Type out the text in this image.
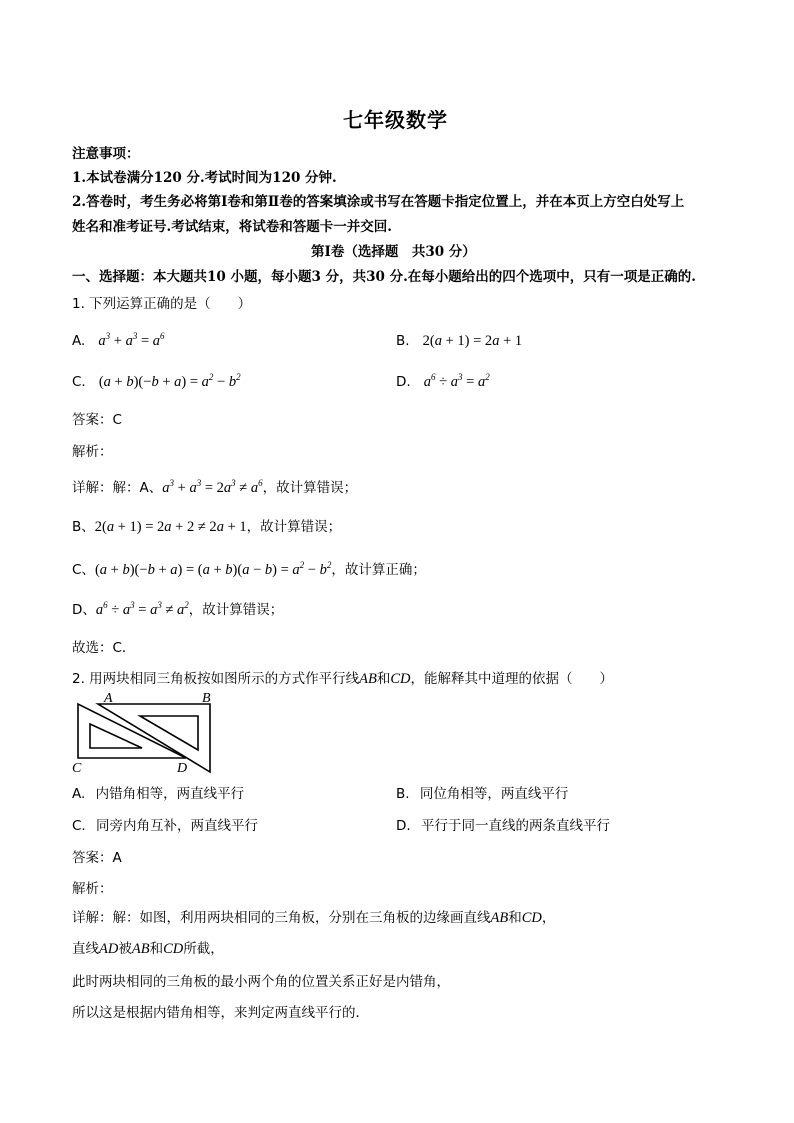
七年级数学
注意事项：
1.本试卷满分120 分.考试时间为120 分钟.
2.答卷时，考生务必将第Ⅰ卷和第Ⅱ卷的答案填涂或书写在答题卡指定位置上，并在本页上方空白处写上
姓名和准考证号.考试结束，将试卷和答题卡一并交回.
第Ⅰ卷（选择题　共30 分）
一、选择题：本大题共10 小题，每小题3 分，共30 分.在每小题给出的四个选项中，只有一项是正确的.
1. 下列运算正确的是（　　）
A. $a^3 + a^3 = a^6$	B. 2(a + 1) = 2a + 1
C. $(a + b)(-b + a) = a^2 - b^2$	D. $a^6 \div a^3 = a^2$
答案：C
解析：
详解：解：A、$a^3 + a^3 = 2a^3 \ne a^6$，故计算错误；
B、2(a + 1) = 2a + 2 ≠ 2a + 1，故计算错误；
C、$(a + b)(-b + a) = (a + b)(a - b) = a^2 - b^2$，故计算正确；
D、$a^6 \div a^3 = a^3 \ne a^2$，故计算错误；
故选：C．
2. 用两块相同三角板按如图所示的方式作平行线AB和CD，能解释其中道理的依据（　　）
A	B
C	D
A. 内错角相等，两直线平行	B. 同位角相等，两直线平行
C. 同旁内角互补，两直线平行	D. 平行于同一直线的两条直线平行
答案：A
解析：
详解：解：如图，利用两块相同的三角板，分别在三角板的边缘画直线AB和CD，
直线AD被AB和CD所截，
此时两块相同的三角板的最小两个角的位置关系正好是内错角，
所以这是根据内错角相等，来判定两直线平行的．
